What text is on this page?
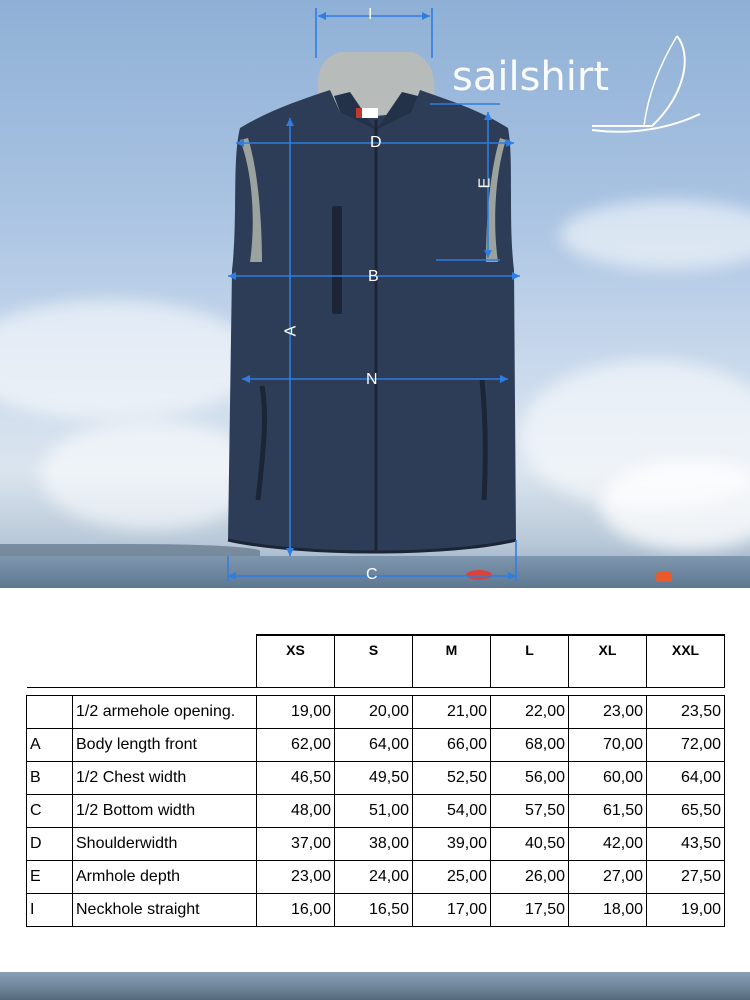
sailshirt
I
D
E
B
A
N
C
		XS	S	M	L	XL	XXL

	1/2 armehole opening.	19,00	20,00	21,00	22,00	23,00	23,50
A	Body length front	62,00	64,00	66,00	68,00	70,00	72,00
B	1/2 Chest width	46,50	49,50	52,50	56,00	60,00	64,00
C	1/2 Bottom width	48,00	51,00	54,00	57,50	61,50	65,50
D	Shoulderwidth	37,00	38,00	39,00	40,50	42,00	43,50
E	Armhole depth	23,00	24,00	25,00	26,00	27,00	27,50
I	Neckhole straight	16,00	16,50	17,00	17,50	18,00	19,00
